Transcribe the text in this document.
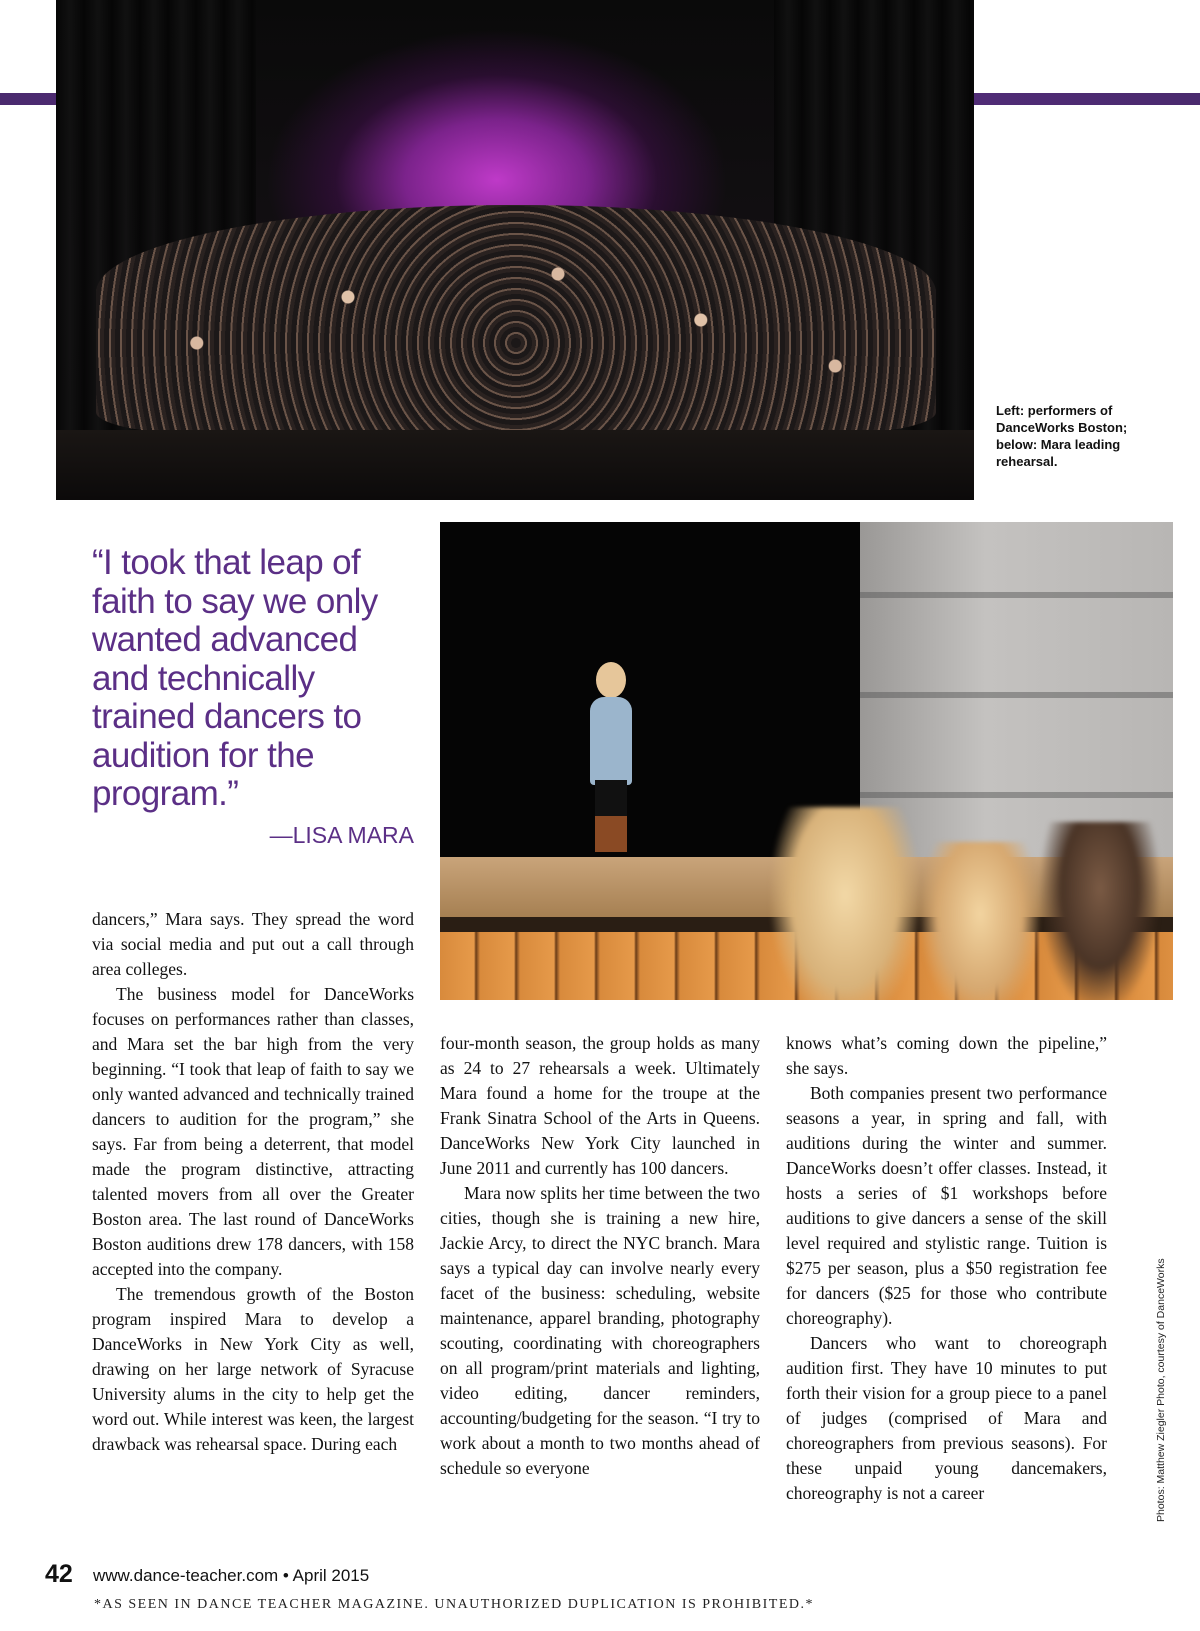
Left: performers of
DanceWorks Boston;
below: Mara leading
rehearsal.
“I took that leap of
faith to say we only
wanted advanced
and technically
trained dancers to
audition for the
program.”
—LISA MARA

dancers,” Mara says. They spread the word via social media and put out a call through area colleges.

The business model for DanceWorks focuses on performances rather than classes, and Mara set the bar high from the very beginning. “I took that leap of faith to say we only wanted advanced and technically trained dancers to audition for the program,” she says. Far from being a deterrent, that model made the program distinctive, attracting talented movers from all over the Greater Boston area. The last round of DanceWorks Boston auditions drew 178 dancers, with 158 accepted into the company.

The tremendous growth of the Boston program inspired Mara to develop a DanceWorks in New York City as well, drawing on her large network of Syracuse University alums in the city to help get the word out. While interest was keen, the largest drawback was rehearsal space. During each

four-month season, the group holds as many as 24 to 27 rehearsals a week. Ultimately Mara found a home for the troupe at the Frank Sinatra School of the Arts in Queens. DanceWorks New York City launched in June 2011 and currently has 100 dancers.

Mara now splits her time between the two cities, though she is training a new hire, Jackie Arcy, to direct the NYC branch. Mara says a typical day can involve nearly every facet of the business: scheduling, website maintenance, apparel branding, photography scouting, coordinating with choreographers on all program/print materials and lighting, video editing, dancer reminders, accounting/budgeting for the season. “I try to work about a month to two months ahead of schedule so everyone

knows what’s coming down the pipeline,” she says.

Both companies present two performance seasons a year, in spring and fall, with auditions during the winter and summer. DanceWorks doesn’t offer classes. Instead, it hosts a series of $1 workshops before auditions to give dancers a sense of the skill level required and stylistic range. Tuition is $275 per season, plus a $50 registration fee for dancers ($25 for those who contribute choreography).

Dancers who want to choreograph audition first. They have 10 minutes to put forth their vision for a group piece to a panel of judges (comprised of Mara and choreographers from previous seasons). For these unpaid young dancemakers, choreography is not a career	Photos: Matthew Ziegler Photo, courtesy of DanceWorks
42 www.dance-teacher.com • April 2015
*AS SEEN IN DANCE TEACHER MAGAZINE. UNAUTHORIZED DUPLICATION IS PROHIBITED.*
